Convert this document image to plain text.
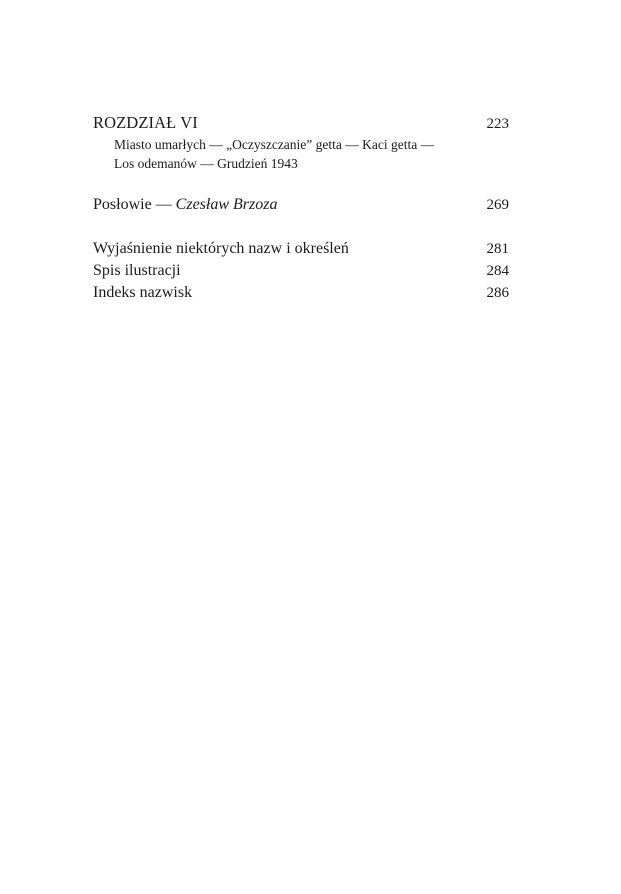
ROZDZIAŁ VI	223
Miasto umarłych — „Oczyszczanie” getta — Kaci getta —
Los odemanów — Grudzień 1943
Posłowie — Czesław Brzoza	269
Wyjaśnienie niektórych nazw i określeń	281
Spis ilustracji	284
Indeks nazwisk	286
